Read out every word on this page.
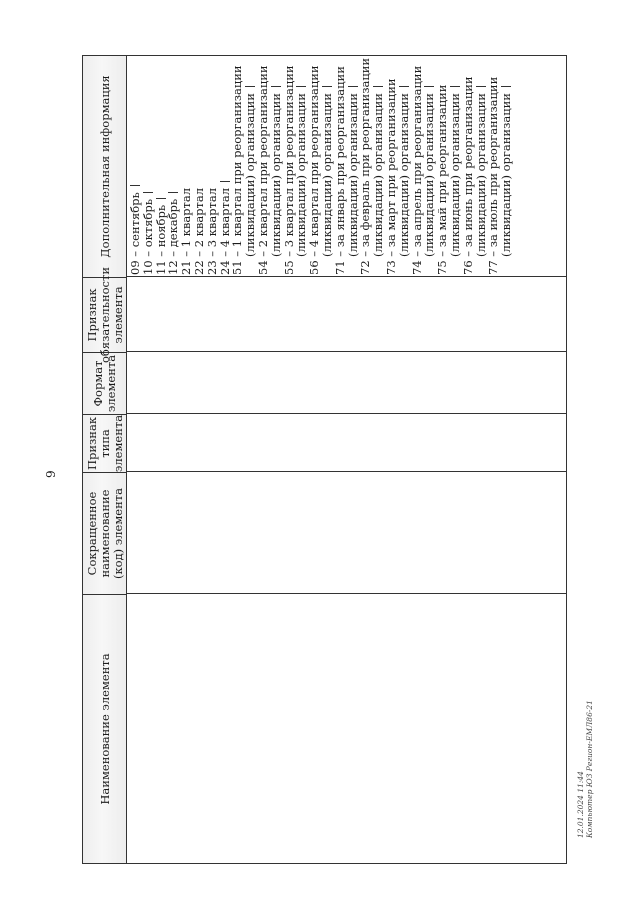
9
Наименование элемента
Сокращенное
наименование
(код) элемента
Признак
типа
элемента
Формат
элемента
Признак
обязательности
элемента
Дополнительная информация	09 – сентябрь
10 – октябрь
11 – ноябрь
12 – декабрь
21 – 1 квартал
22 – 2 квартал
23 – 3 квартал
24 – 4 квартал
51 – 1 квартал при реорганизации
(ликвидации) организации
54 – 2 квартал при реорганизации
(ликвидации) организации
55 – 3 квартал при реорганизации
(ликвидации) организации
56 – 4 квартал при реорганизации
(ликвидации) организации
71 – за январь при реорганизации
(ликвидации) организации
72 – за февраль при реорганизации
(ликвидации) организации
73 – за март при реорганизации
(ликвидации) организации
74 – за апрель при реорганизации
(ликвидации) организации
75 – за май при реорганизации
(ликвидации) организации
76 – за июнь при реорганизации
(ликвидации) организации
77 – за июль при реорганизации
(ликвидации) организации
12.01.2024 11:44 Компьютер ЮЗ Регион-ЕМЛ86-21
